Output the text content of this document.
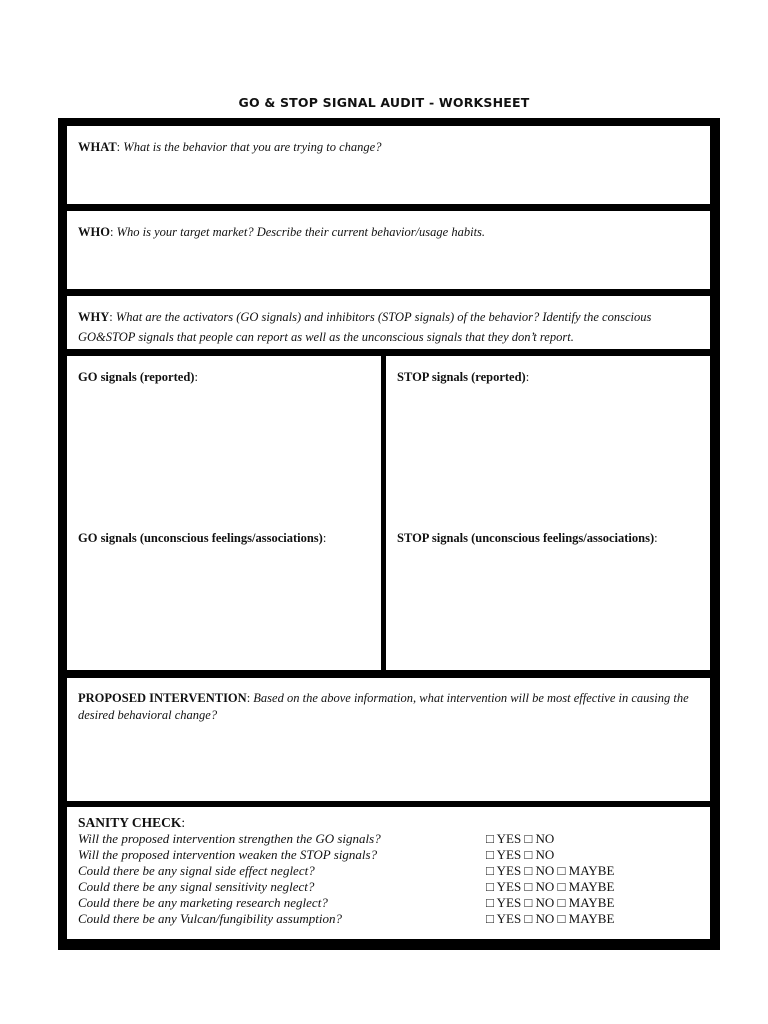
GO & STOP SIGNAL AUDIT - WORKSHEET
WHAT: What is the behavior that you are trying to change?
WHO: Who is your target market? Describe their current behavior/usage habits.
WHY: What are the activators (GO signals) and inhibitors (STOP signals) of the behavior? Identify the conscious GO&STOP signals that people can report as well as the unconscious signals that they don’t report.
GO signals (reported):
GO signals (unconscious feelings/associations):
STOP signals (reported):
STOP signals (unconscious feelings/associations):
PROPOSED INTERVENTION: Based on the above information, what intervention will be most effective in causing the desired behavioral change?
SANITY CHECK:
Will the proposed intervention strengthen the GO signals?	□ YES □ NO
Will the proposed intervention weaken the STOP signals?	□ YES □ NO
Could there be any signal side effect neglect?	□ YES □ NO □ MAYBE
Could there be any signal sensitivity neglect?	□ YES □ NO □ MAYBE
Could there be any marketing research neglect?	□ YES □ NO □ MAYBE
Could there be any Vulcan/fungibility assumption?	□ YES □ NO □ MAYBE
